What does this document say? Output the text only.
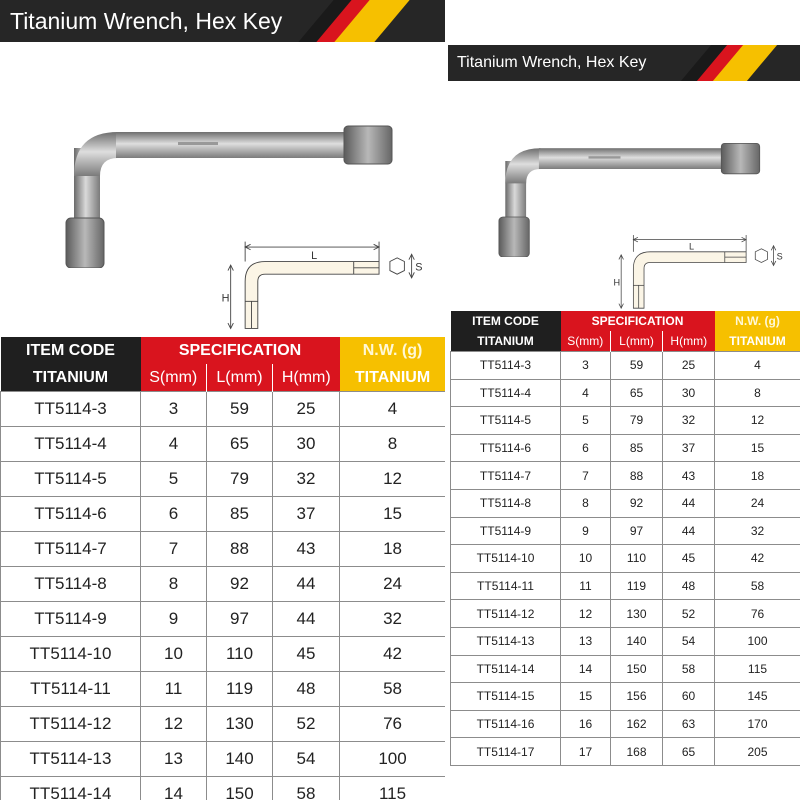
Titanium Wrench, Hex Key
L
H
S
ITEM CODE	SPECIFICATION			N.W. (g)
TITANIUM	S(mm)	L(mm)	H(mm)	TITANIUM
TT5114-3	3	59	25	4
TT5114-4	4	65	30	8
TT5114-5	5	79	32	12
TT5114-6	6	85	37	15
TT5114-7	7	88	43	18
TT5114-8	8	92	44	24
TT5114-9	9	97	44	32
TT5114-10	10	110	45	42
TT5114-11	11	119	48	58
TT5114-12	12	130	52	76
TT5114-13	13	140	54	100
TT5114-14	14	150	58	115
Titanium Wrench, Hex Key
L
H
S
ITEM CODE	SPECIFICATION			N.W. (g)
TITANIUM	S(mm)	L(mm)	H(mm)	TITANIUM
TT5114-3	3	59	25	4
TT5114-4	4	65	30	8
TT5114-5	5	79	32	12
TT5114-6	6	85	37	15
TT5114-7	7	88	43	18
TT5114-8	8	92	44	24
TT5114-9	9	97	44	32
TT5114-10	10	110	45	42
TT5114-11	11	119	48	58
TT5114-12	12	130	52	76
TT5114-13	13	140	54	100
TT5114-14	14	150	58	115
TT5114-15	15	156	60	145
TT5114-16	16	162	63	170
TT5114-17	17	168	65	205
